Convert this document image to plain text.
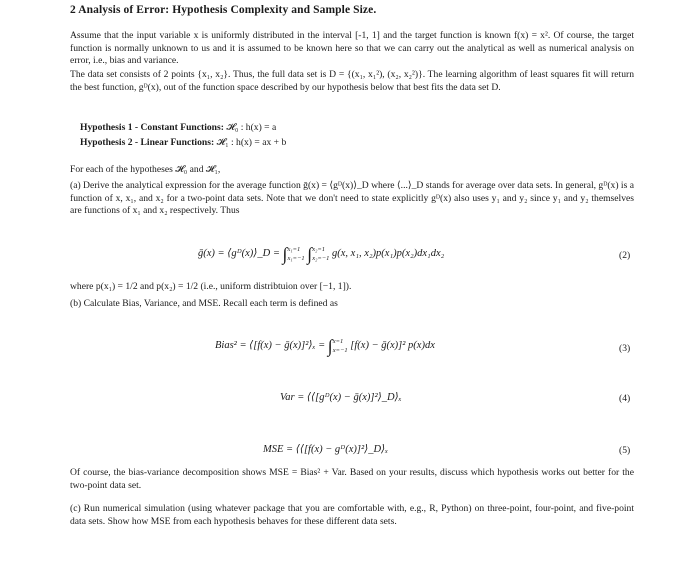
2 Analysis of Error: Hypothesis Complexity and Sample Size.
Assume that the input variable x is uniformly distributed in the interval [-1, 1] and the target function is known f(x) = x². Of course, the target function is normally unknown to us and it is assumed to be known here so that we can carry out the analytical as well as numerical analysis on error, i.e., bias and variance.
The data set consists of 2 points {x₁, x₂}. Thus, the full data set is D = {(x₁, x₁²), (x₂, x₂²)}. The learning algorithm of least squares fit will return the best function, gᴰ(x), out of the function space described by our hypothesis below that best fits the data set D.
Hypothesis 1 - Constant Functions: 𝓗₀ : h(x) = a
Hypothesis 2 - Linear Functions: 𝓗₁ : h(x) = ax + b
For each of the hypotheses 𝓗₀ and 𝓗₁,
(a) Derive the analytical expression for the average function ḡ(x) = ⟨gᴰ(x)⟩_D where ⟨...⟩_D stands for average over data sets. In general, gᴰ(x) is a function of x, x₁, and x₂ for a two-point data sets. Note that we don't need to state explicitly gᴰ(x) also uses y₁ and y₂ since y₁ and y₂ themselves are functions of x₁ and x₂ respectively. Thus
ḡ(x) = ⟨gᴰ(x)⟩_D = ∫ x₁=1
x₁=−1 ∫ x₂=1
x₂=−1 g(x, x₁, x₂)p(x₁)p(x₂)dx₁dx₂	(2)
where p(x₁) = 1/2 and p(x₂) = 1/2 (i.e., uniform distribtuion over [−1, 1]).
(b) Calculate Bias, Variance, and MSE. Recall each term is defined as
Bias² = ⟨[f(x) − ḡ(x)]²⟩ₓ = ∫ x=1
x=−1 [f(x) − ḡ(x)]² p(x)dx	(3)
Var = ⟨⟨[gᴰ(x) − ḡ(x)]²⟩_D⟩ₓ	(4)
MSE = ⟨⟨[f(x) − gᴰ(x)]²⟩_D⟩ₓ	(5)
Of course, the bias-variance decomposition shows MSE = Bias² + Var. Based on your results, discuss which hypothesis works out better for the two-point data set.
(c) Run numerical simulation (using whatever package that you are comfortable with, e.g., R, Python) on three-point, four-point, and five-point data sets. Show how MSE from each hypothesis behaves for these different data sets.
